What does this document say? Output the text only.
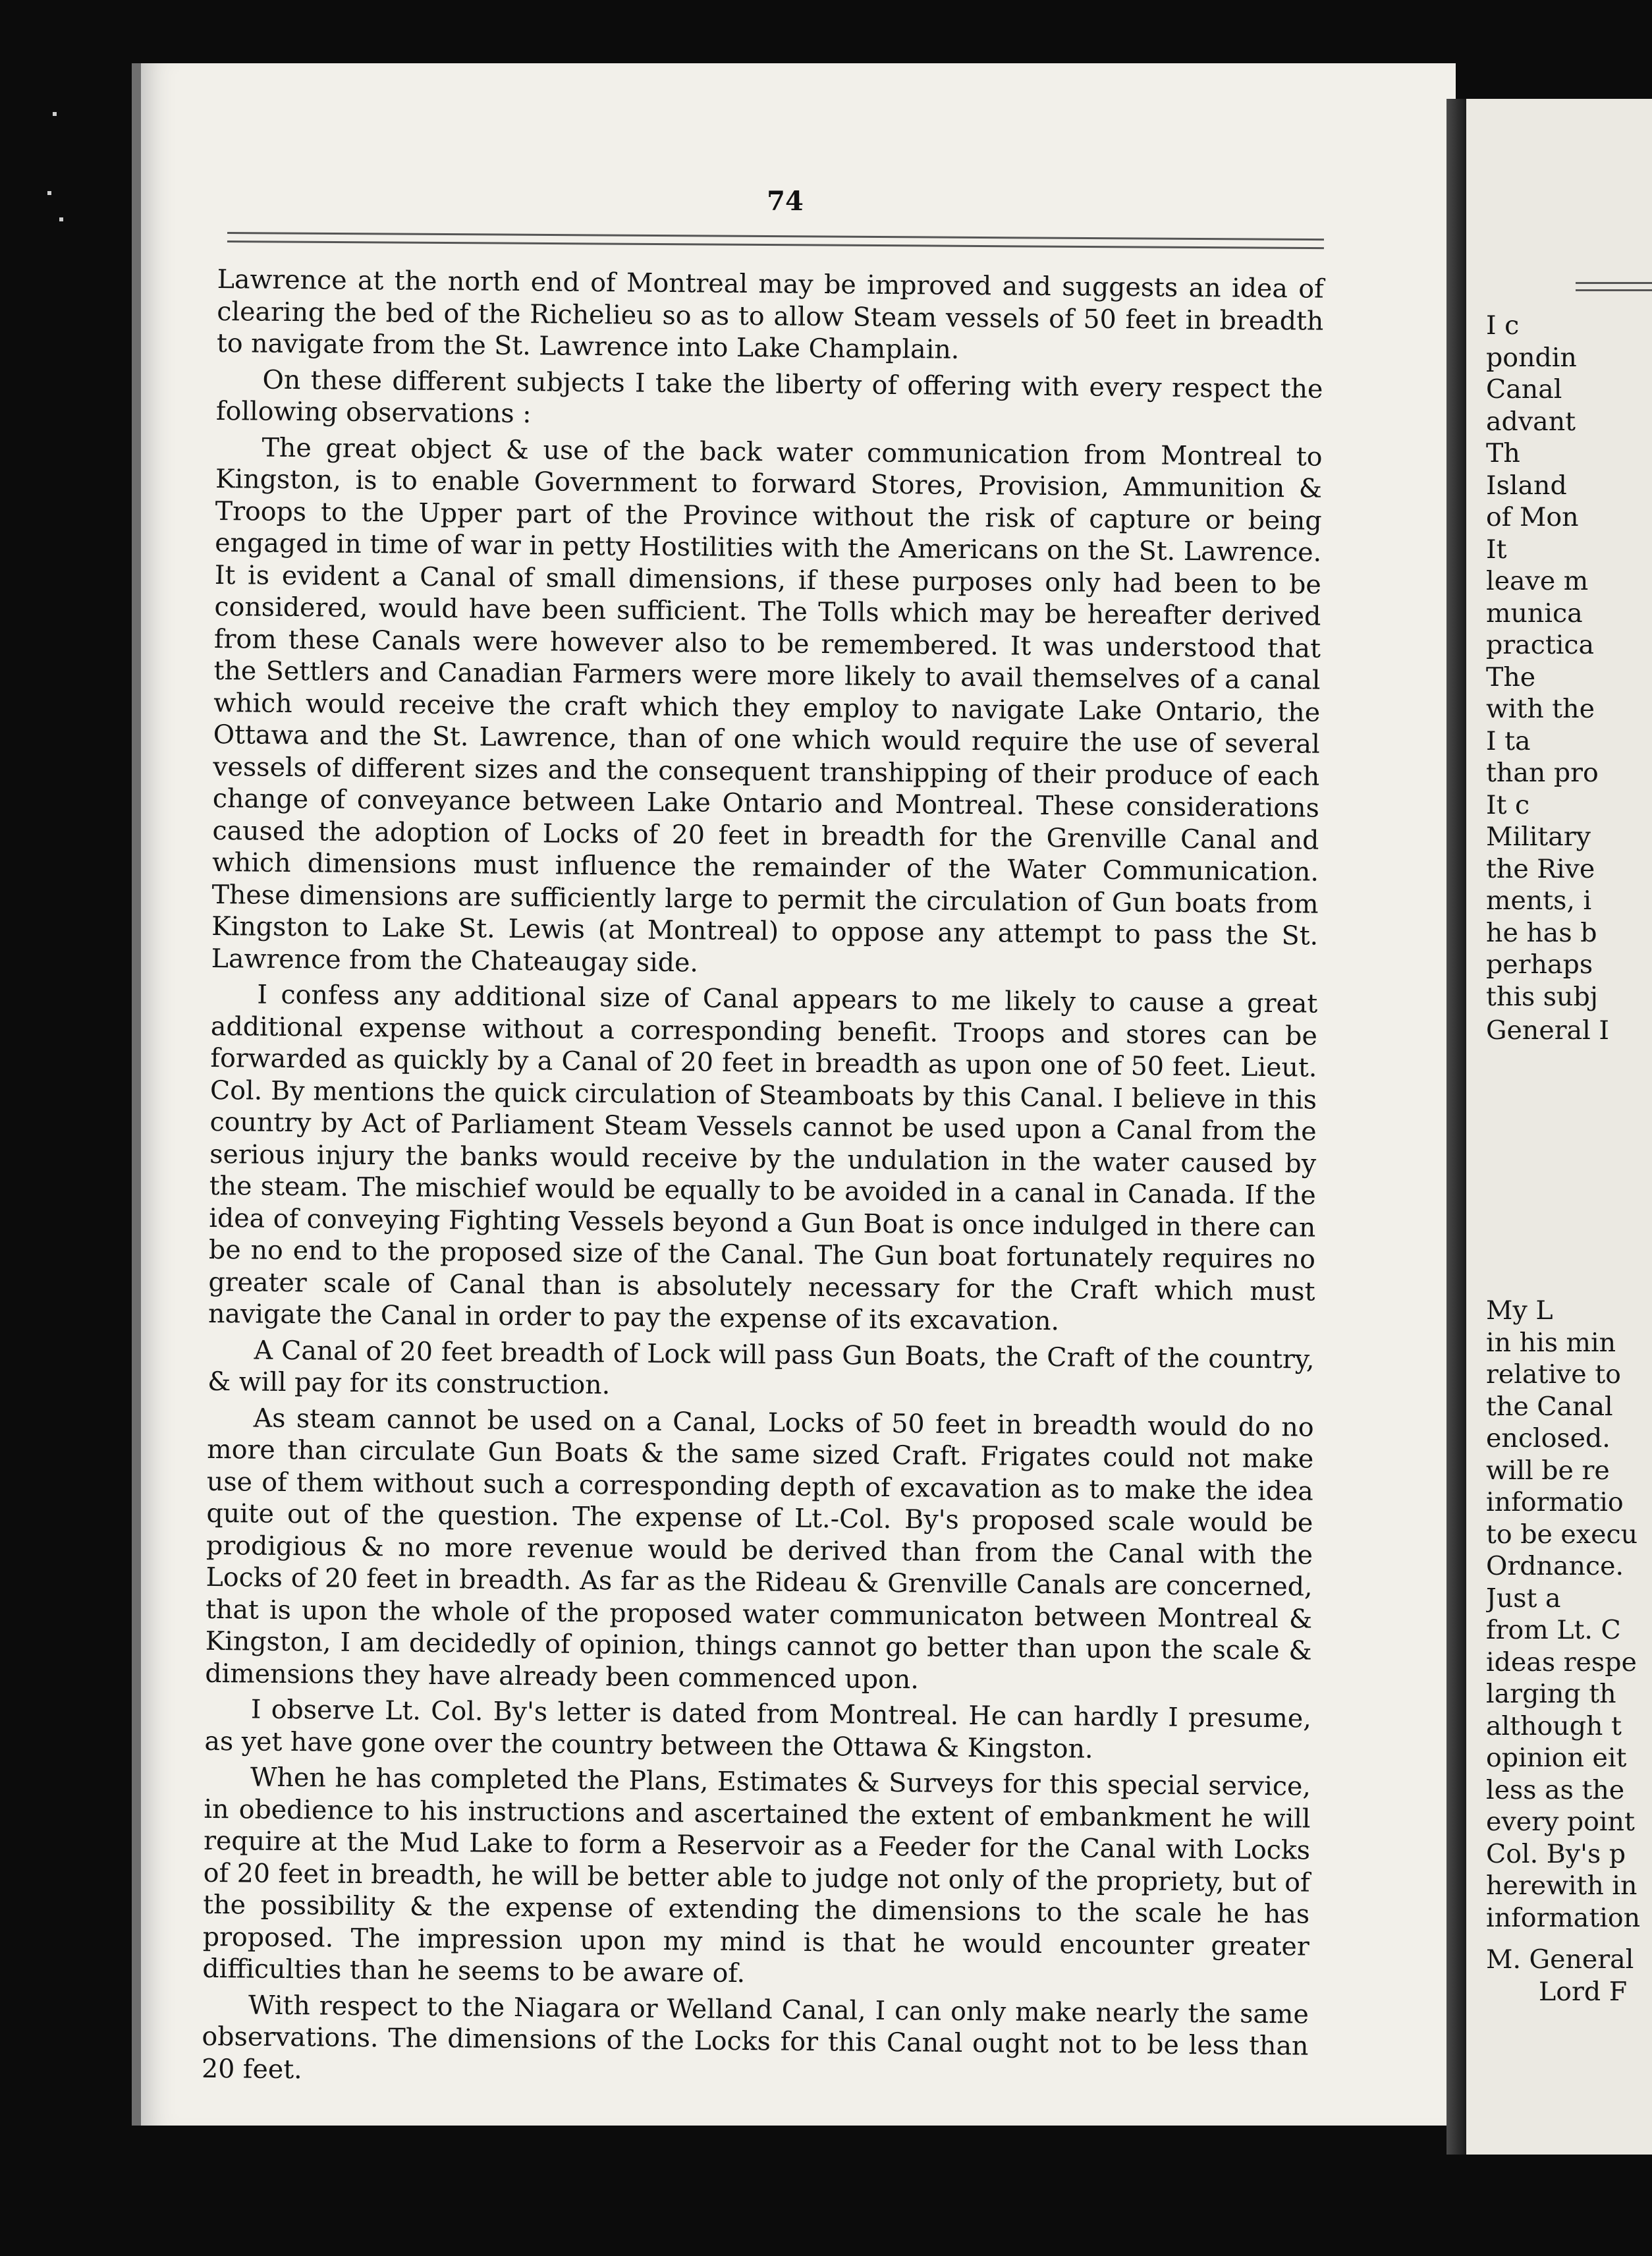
74

Lawrence at the north end of Montreal may be improved and suggests an idea of clearing the bed of the Richelieu so as to allow Steam vessels of 50 feet in breadth to navigate from the St. Lawrence into Lake Champlain.

On these different subjects I take the liberty of offering with every respect the following observations :

The great object & use of the back water communication from Montreal to Kingston, is to enable Government to forward Stores, Provision, Ammunition & Troops to the Upper part of the Province without the risk of capture or being engaged in time of war in petty Hostilities with the Americans on the St. Lawrence. It is evident a Canal of small dimensions, if these purposes only had been to be considered, would have been sufficient. The Tolls which may be hereafter derived from these Canals were however also to be remembered. It was understood that the Settlers and Canadian Farmers were more likely to avail themselves of a canal which would receive the craft which they employ to navigate Lake Ontario, the Ottawa and the St. Lawrence, than of one which would require the use of several vessels of different sizes and the consequent transhipping of their produce of each change of conveyance between Lake Ontario and Montreal. These considerations caused the adoption of Locks of 20 feet in breadth for the Grenville Canal and which dimensions must influence the remainder of the Water Communication. These dimensions are sufficiently large to permit the circulation of Gun boats from Kingston to Lake St. Lewis (at Montreal) to oppose any attempt to pass the St. Lawrence from the Chateaugay side.

I confess any additional size of Canal appears to me likely to cause a great additional expense without a corresponding benefit. Troops and stores can be forwarded as quickly by a Canal of 20 feet in breadth as upon one of 50 feet. Lieut. Col. By mentions the quick circulation of Steamboats by this Canal. I believe in this country by Act of Parliament Steam Vessels cannot be used upon a Canal from the serious injury the banks would receive by the undulation in the water caused by the steam. The mischief would be equally to be avoided in a canal in Canada. If the idea of conveying Fighting Vessels beyond a Gun Boat is once indulged in there can be no end to the proposed size of the Canal. The Gun boat fortunately requires no greater scale of Canal than is absolutely necessary for the Craft which must navigate the Canal in order to pay the expense of its excavation.

A Canal of 20 feet breadth of Lock will pass Gun Boats, the Craft of the country, & will pay for its construction.

As steam cannot be used on a Canal, Locks of 50 feet in breadth would do no more than circulate Gun Boats & the same sized Craft. Frigates could not make use of them without such a corresponding depth of excavation as to make the idea quite out of the question. The expense of Lt.-Col. By's proposed scale would be prodigious & no more revenue would be derived than from the Canal with the Locks of 20 feet in breadth. As far as the Rideau & Grenville Canals are concerned, that is upon the whole of the proposed water communicaton between Montreal & Kingston, I am decidedly of opinion, things cannot go better than upon the scale & dimensions they have already been commenced upon.

I observe Lt. Col. By's letter is dated from Montreal. He can hardly I presume, as yet have gone over the country between the Ottawa & Kingston.

When he has completed the Plans, Estimates & Surveys for this special service, in obedience to his instructions and ascertained the extent of embankment he will require at the Mud Lake to form a Reservoir as a Feeder for the Canal with Locks of 20 feet in breadth, he will be better able to judge not only of the propriety, but of the possibility & the expense of extending the dimensions to the scale he has proposed. The impression upon my mind is that he would encounter greater difficulties than he seems to be aware of.

With respect to the Niagara or Welland Canal, I can only make nearly the same observations. The dimensions of the Locks for this Canal ought not to be less than 20 feet.

I c
pondin
Canal
advant
Th
Island
of Mon
It
leave m
munica
practica
The
with the
I ta
than pro
It c
Military
the Rive
ments, i
he has b
perhaps
this subj
General I
My L
in his min
relative to
the Canal
enclosed.
will be re
informatio
to be execu
Ordnance.
Just a
from Lt. C
ideas respe
larging th
although t
opinion eit
less as the
every point
Col. By's p
herewith in
information
M. General
Lord F
